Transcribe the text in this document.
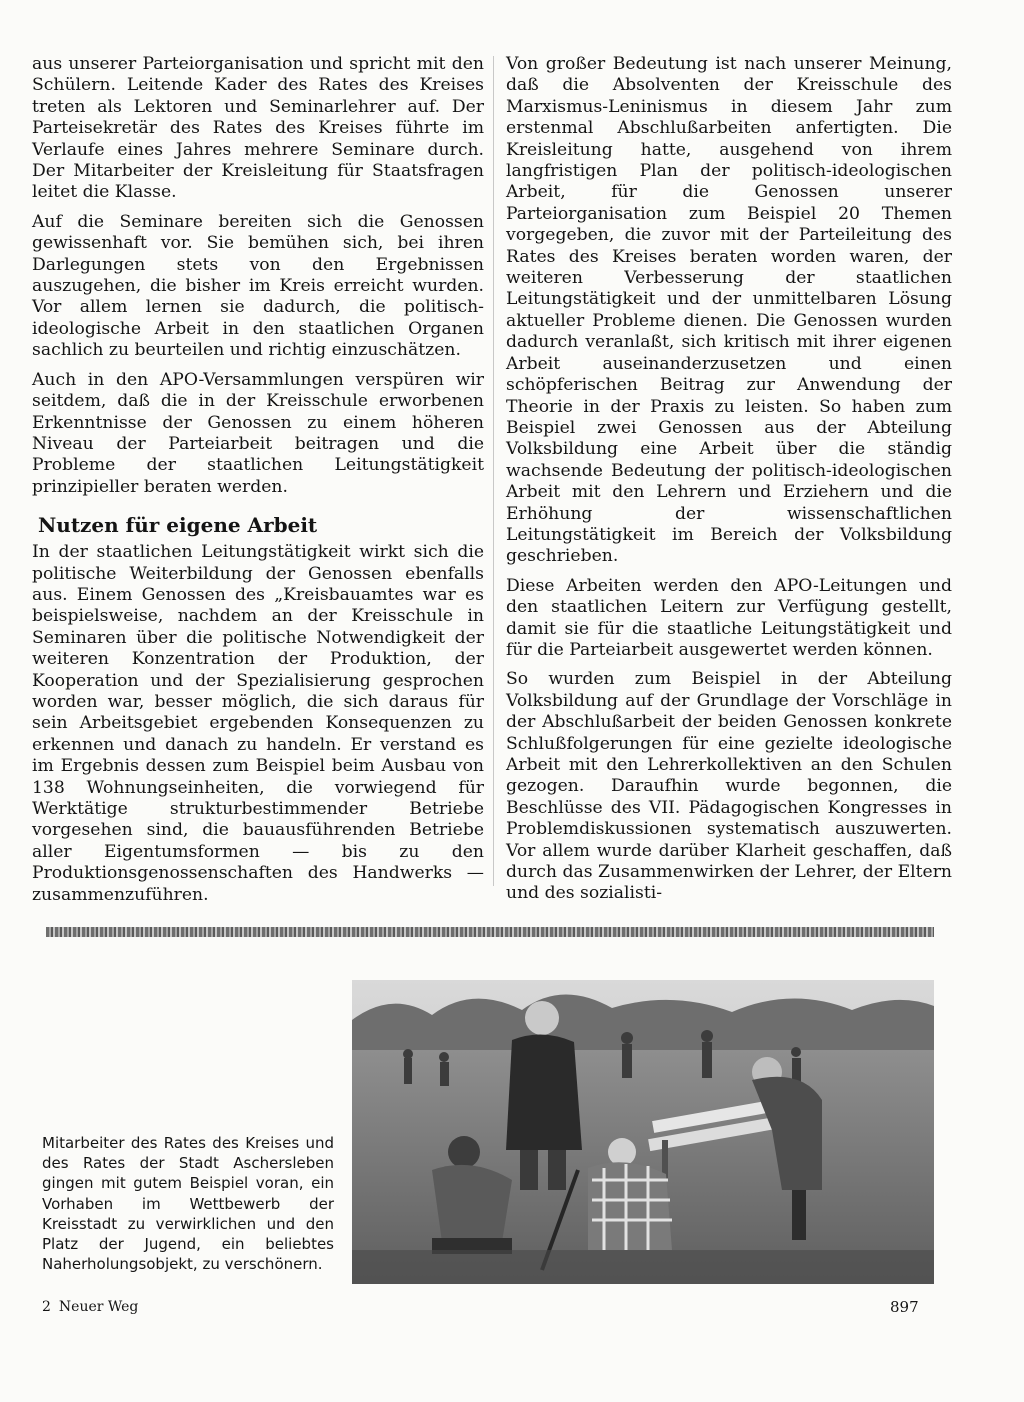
aus unserer Parteiorganisation und spricht mit den Schülern. Leitende Kader des Rates des Kreises treten als Lektoren und Seminarlehrer auf. Der Parteisekretär des Rates des Kreises führte im Verlaufe eines Jahres mehrere Seminare durch. Der Mitarbeiter der Kreisleitung für Staatsfragen leitet die Klasse.

Auf die Seminare bereiten sich die Genossen gewissenhaft vor. Sie bemühen sich, bei ihren Darlegungen stets von den Ergebnissen auszugehen, die bisher im Kreis erreicht wurden. Vor allem lernen sie dadurch, die politisch-ideologische Arbeit in den staatlichen Organen sachlich zu beurteilen und richtig einzuschätzen.

Auch in den APO-Versammlungen verspüren wir seitdem, daß die in der Kreisschule erworbenen Erkenntnisse der Genossen zu einem höheren Niveau der Parteiarbeit beitragen und die Probleme der staatlichen Leitungstätigkeit prinzipieller beraten werden.

Nutzen für eigene Arbeit

In der staatlichen Leitungstätigkeit wirkt sich die politische Weiterbildung der Genossen ebenfalls aus. Einem Genossen des „Kreisbauamtes war es beispielsweise, nachdem an der Kreisschule in Seminaren über die politische Notwendigkeit der weiteren Konzentration der Produktion, der Kooperation und der Spezialisierung gesprochen worden war, besser möglich, die sich daraus für sein Arbeitsgebiet ergebenden Konsequenzen zu erkennen und danach zu handeln. Er verstand es im Ergebnis dessen zum Beispiel beim Ausbau von 138 Wohnungseinheiten, die vorwiegend für Werktätige strukturbestimmender Betriebe vorgesehen sind, die bauausführenden Betriebe aller Eigentumsformen — bis zu den Produktionsgenossenschaften des Handwerks — zusammenzuführen.

Von großer Bedeutung ist nach unserer Meinung, daß die Absolventen der Kreisschule des Marxismus-Leninismus in diesem Jahr zum erstenmal Abschlußarbeiten anfertigten. Die Kreisleitung hatte, ausgehend von ihrem langfristigen Plan der politisch-ideologischen Arbeit, für die Genossen unserer Parteiorganisation zum Beispiel 20 Themen vorgegeben, die zuvor mit der Parteileitung des Rates des Kreises beraten worden waren, der weiteren Verbesserung der staatlichen Leitungstätigkeit und der unmittelbaren Lösung aktueller Probleme dienen. Die Genossen wurden dadurch veranlaßt, sich kritisch mit ihrer eigenen Arbeit auseinanderzusetzen und einen schöpferischen Beitrag zur Anwendung der Theorie in der Praxis zu leisten. So haben zum Beispiel zwei Genossen aus der Abteilung Volksbildung eine Arbeit über die ständig wachsende Bedeutung der politisch-ideologischen Arbeit mit den Lehrern und Erziehern und die Erhöhung der wissenschaftlichen Leitungstätigkeit im Bereich der Volksbildung geschrieben.

Diese Arbeiten werden den APO-Leitungen und den staatlichen Leitern zur Verfügung gestellt, damit sie für die staatliche Leitungstätigkeit und für die Parteiarbeit ausgewertet werden können.

So wurden zum Beispiel in der Abteilung Volksbildung auf der Grundlage der Vorschläge in der Abschlußarbeit der beiden Genossen konkrete Schlußfolgerungen für eine gezielte ideologische Arbeit mit den Lehrerkollektiven an den Schulen gezogen. Daraufhin wurde begonnen, die Beschlüsse des VII. Pädagogischen Kongresses in Problemdiskussionen systematisch auszuwerten. Vor allem wurde darüber Klarheit geschaffen, daß durch das Zusammenwirken der Lehrer, der Eltern und des sozialisti-

Mitarbeiter des Rates des Kreises und des Rates der Stadt Aschersleben gingen mit gutem Beispiel voran, ein Vorhaben im Wettbewerb der Kreisstadt zu verwirklichen und den Platz der Jugend, ein beliebtes Naherholungsobjekt, zu verschönern.
2 Neuer Weg	897
